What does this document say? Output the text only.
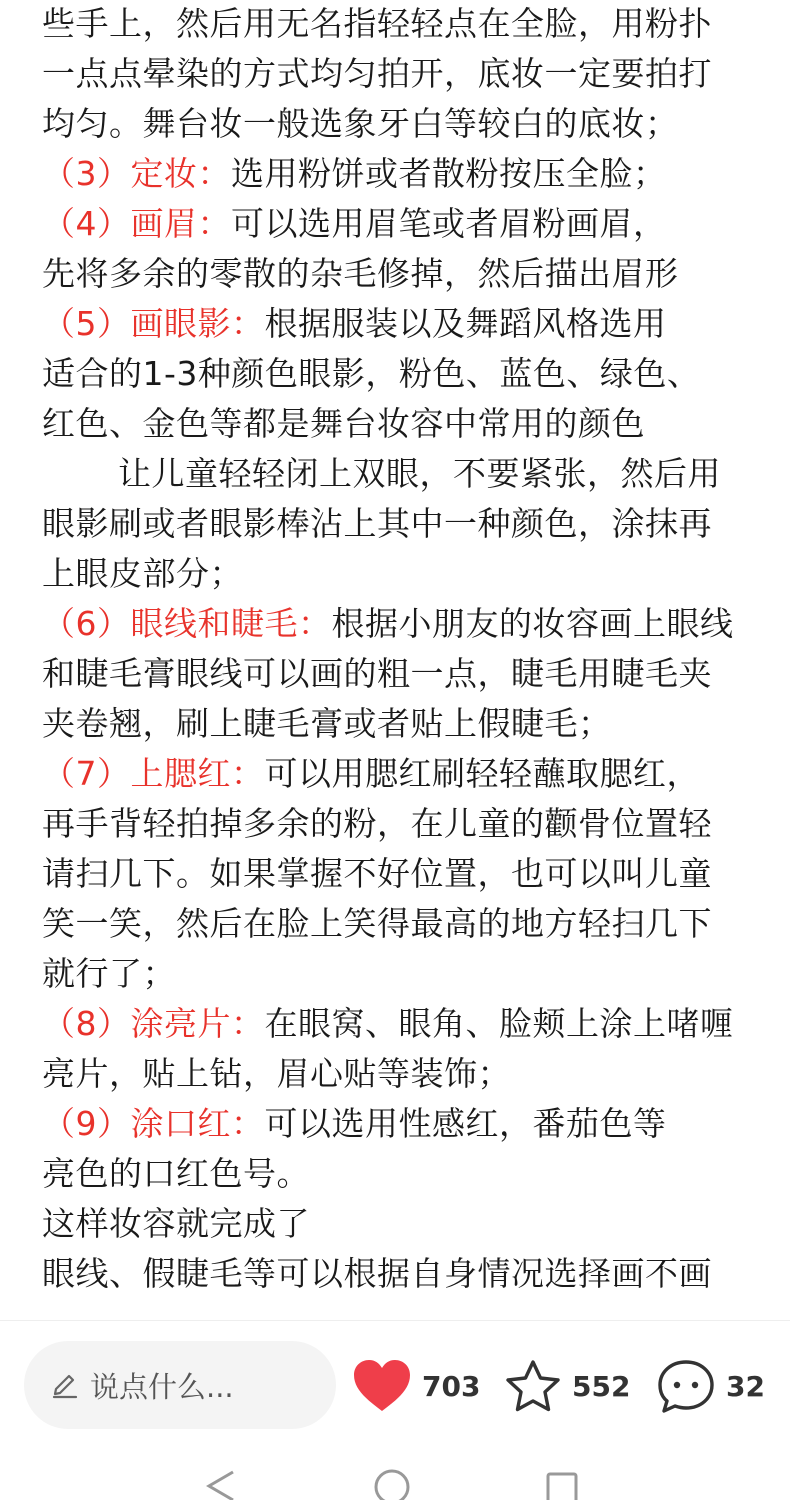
些手上，然后用无名指轻轻点在全脸，用粉扑
一点点晕染的方式均匀拍开，底妆一定要拍打
均匀。舞台妆一般选象牙白等较白的底妆；
（3）定妆：选用粉饼或者散粉按压全脸；
（4）画眉：可以选用眉笔或者眉粉画眉，
先将多余的零散的杂毛修掉，然后描出眉形
（5）画眼影：根据服装以及舞蹈风格选用
适合的1-3种颜色眼影，粉色、蓝色、绿色、
红色、金色等都是舞台妆容中常用的颜色
让儿童轻轻闭上双眼，不要紧张，然后用
眼影刷或者眼影棒沾上其中一种颜色，涂抹再
上眼皮部分；
（6）眼线和睫毛：根据小朋友的妆容画上眼线
和睫毛膏眼线可以画的粗一点，睫毛用睫毛夹
夹卷翘，刷上睫毛膏或者贴上假睫毛；
（7）上腮红：可以用腮红刷轻轻蘸取腮红，
再手背轻拍掉多余的粉，在儿童的颧骨位置轻
请扫几下。如果掌握不好位置，也可以叫儿童
笑一笑，然后在脸上笑得最高的地方轻扫几下
就行了；
（8）涂亮片：在眼窝、眼角、脸颊上涂上啫喱
亮片，贴上钻，眉心贴等装饰；
（9）涂口红：可以选用性感红，番茄色等
亮色的口红色号。
这样妆容就完成了
眼线、假睫毛等可以根据自身情况选择画不画
说点什么...	703	552	32
